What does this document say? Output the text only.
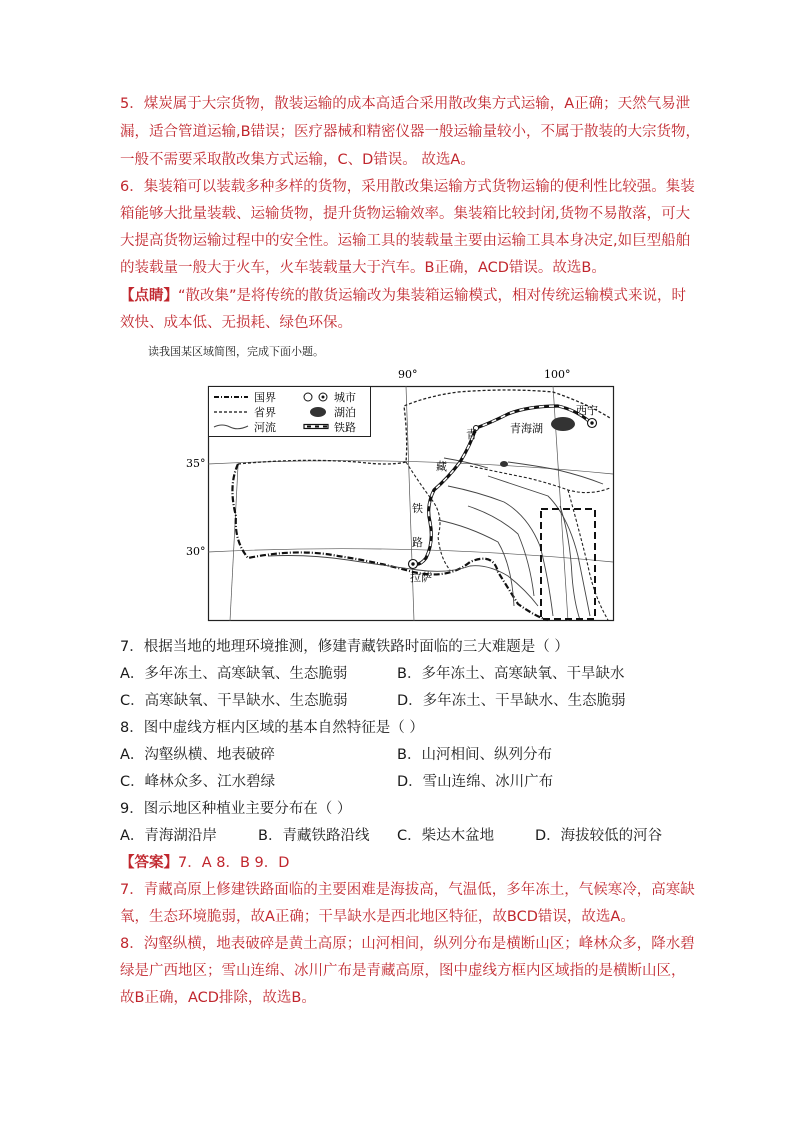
5．煤炭属于大宗货物，散装运输的成本高适合采用散改集方式运输，A正确；天然气易泄
漏，适合管道运输,B错误；医疗器械和精密仪器一般运输量较小，不属于散装的大宗货物，
一般不需要采取散改集方式运输，C、D错误。 故选A。
6．集装箱可以装载多种多样的货物，采用散改集运输方式货物运输的便利性比较强。集装
箱能够大批量装载、运输货物，提升货物运输效率。集装箱比较封闭,货物不易散落，可大
大提高货物运输过程中的安全性。运输工具的装载量主要由运输工具本身决定,如巨型船舶
的装载量一般大于火车，火车装载量大于汽车。B正确，ACD错误。故选B。
【点睛】“散改集”是将传统的散货运输改为集装箱运输模式，相对传统运输模式来说，时
效快、成本低、无损耗、绿色环保。
读我国某区域简图，完成下面小题。
90°	100°
35°
30°
西宁
青海湖
青
藏
铁
路
拉萨
国界
省界
河流
城市
湖泊
铁路
7．根据当地的地理环境推测，修建青藏铁路时面临的三大难题是（ ）
A．多年冻土、高寒缺氧、生态脆弱	B．多年冻土、高寒缺氧、干旱缺水
C．高寒缺氧、干旱缺水、生态脆弱	D．多年冻土、干旱缺水、生态脆弱
8．图中虚线方框内区域的基本自然特征是（ ）
A．沟壑纵横、地表破碎	B．山河相间、纵列分布
C．峰林众多、江水碧绿	D．雪山连绵、冰川广布
9．图示地区种植业主要分布在（ ）
A．青海湖沿岸	B．青藏铁路沿线 C．柴达木盆地	D．海拔较低的河谷
【答案】7．A 8．B 9．D
7．青藏高原上修建铁路面临的主要困难是海拔高，气温低，多年冻土，气候寒冷，高寒缺
氧，生态环境脆弱，故A正确；干旱缺水是西北地区特征，故BCD错误，故选A。
8．沟壑纵横，地表破碎是黄土高原；山河相间，纵列分布是横断山区；峰林众多，降水碧
绿是广西地区；雪山连绵、冰川广布是青藏高原，图中虚线方框内区域指的是横断山区，
故B正确，ACD排除，故选B。
